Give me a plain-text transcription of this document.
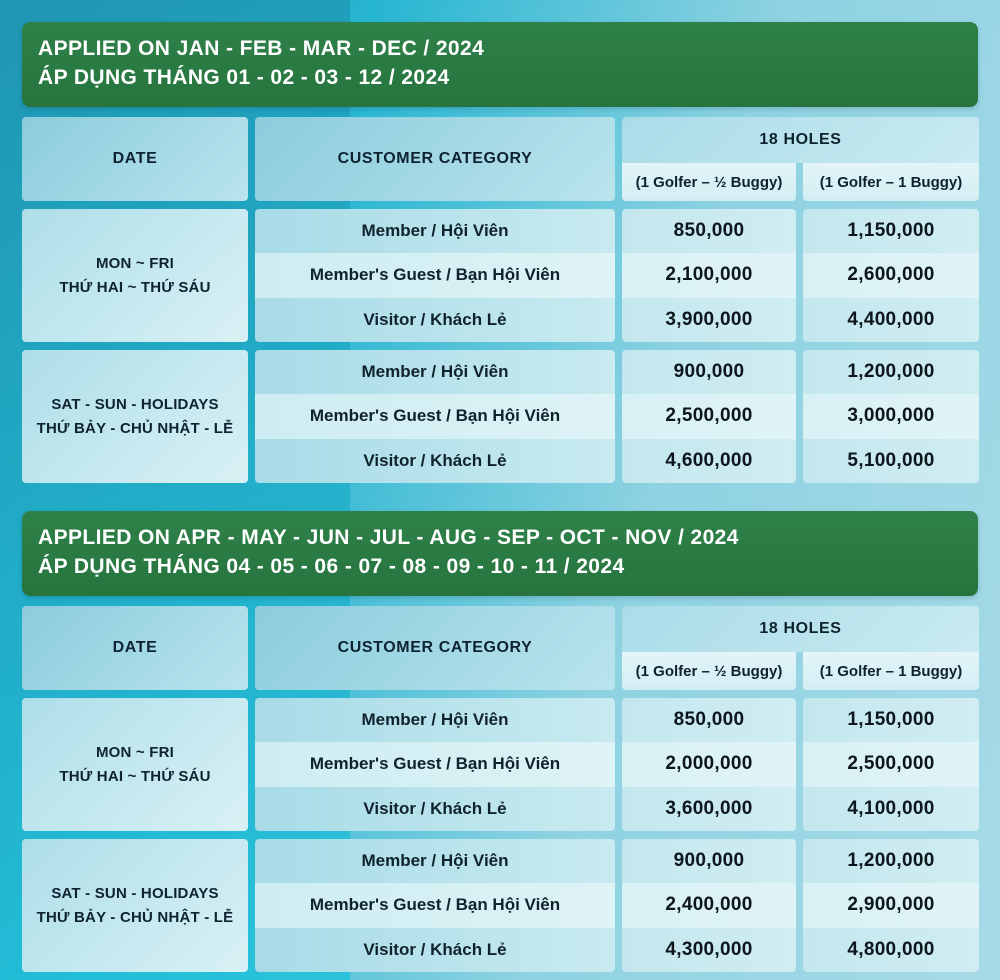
APPLIED ON JAN - FEB - MAR - DEC / 2024
ÁP DỤNG THÁNG 01 - 02 - 03 - 12 / 2024
DATE	CUSTOMER CATEGORY
18 HOLES
(1 Golfer – ½ Buggy) (1 Golfer – 1 Buggy)
MON ~ FRI
THỨ HAI ~ THỨ SÁU
Member / Hội Viên
Member's Guest / Bạn Hội Viên
Visitor / Khách Lẻ
850,000
2,100,000
3,900,000
1,150,000
2,600,000
4,400,000
SAT - SUN - HOLIDAYS
THỨ BẢY - CHỦ NHẬT - LỄ
Member / Hội Viên
Member's Guest / Bạn Hội Viên
Visitor / Khách Lẻ
900,000
2,500,000
4,600,000
1,200,000
3,000,000
5,100,000
APPLIED ON APR - MAY - JUN - JUL - AUG - SEP - OCT - NOV / 2024
ÁP DỤNG THÁNG 04 - 05 - 06 - 07 - 08 - 09 - 10 - 11 / 2024
DATE	CUSTOMER CATEGORY
18 HOLES
(1 Golfer – ½ Buggy) (1 Golfer – 1 Buggy)
MON ~ FRI
THỨ HAI ~ THỨ SÁU
Member / Hội Viên
Member's Guest / Bạn Hội Viên
Visitor / Khách Lẻ
850,000
2,000,000
3,600,000
1,150,000
2,500,000
4,100,000
SAT - SUN - HOLIDAYS
THỨ BẢY - CHỦ NHẬT - LỄ
Member / Hội Viên
Member's Guest / Bạn Hội Viên
Visitor / Khách Lẻ
900,000
2,400,000
4,300,000
1,200,000
2,900,000
4,800,000
